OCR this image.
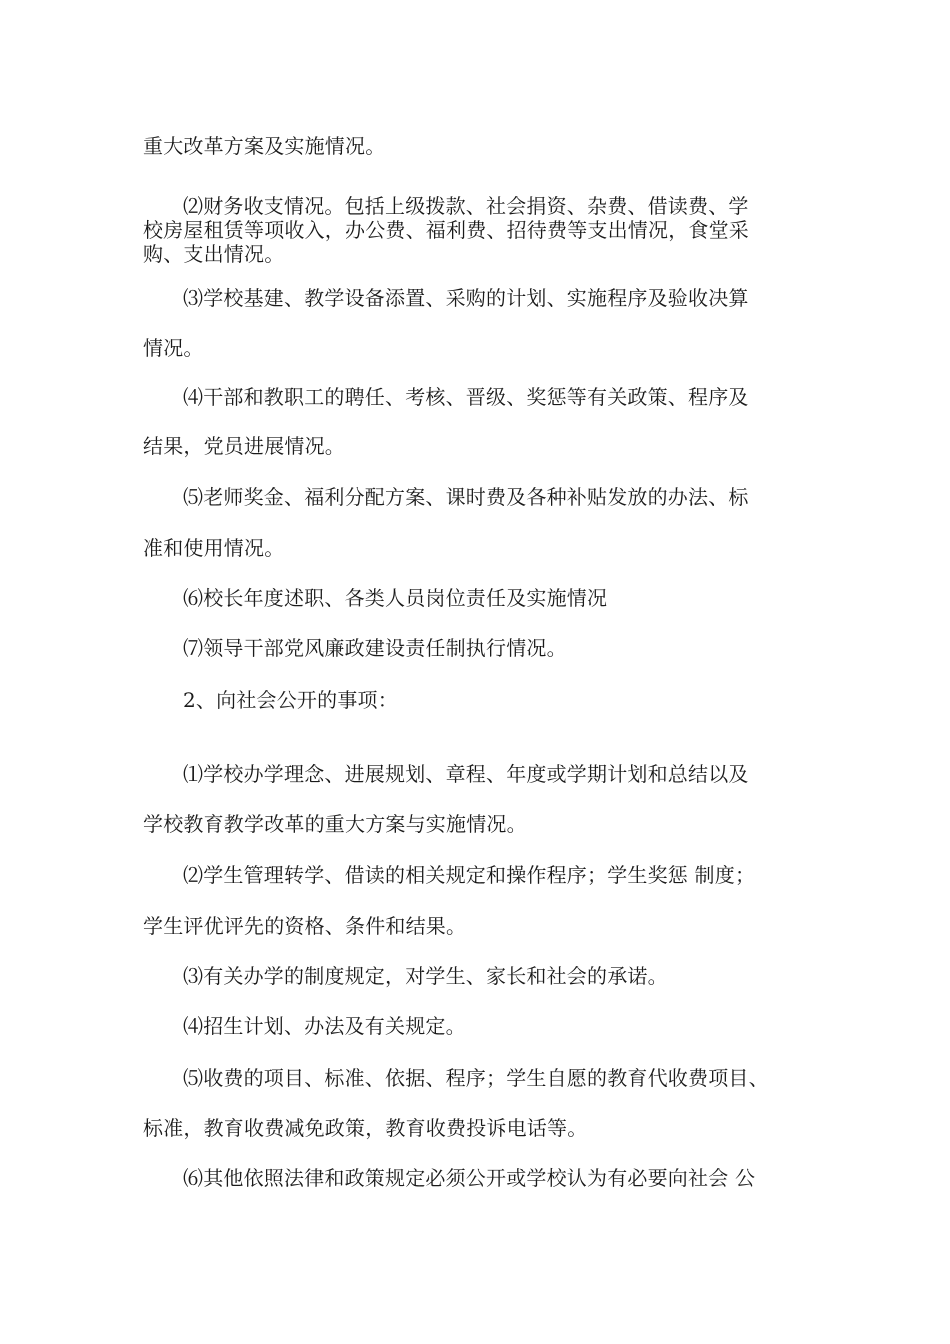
重大改革方案及实施情况。
⑵财务收支情况。包括上级拨款、社会捐资、杂费、借读费、学
校房屋租赁等项收入，办公费、福利费、招待费等支出情况，食堂采
购、支出情况。
⑶学校基建、教学设备添置、采购的计划、实施程序及验收决算
情况。
⑷干部和教职工的聘任、考核、晋级、奖惩等有关政策、程序及
结果，党员进展情况。
⑸老师奖金、福利分配方案、课时费及各种补贴发放的办法、标
准和使用情况。
⑹校长年度述职、各类人员岗位责任及实施情况
⑺领导干部党风廉政建设责任制执行情况。
2、向社会公开的事项：
⑴学校办学理念、进展规划、章程、年度或学期计划和总结以及
学校教育教学改革的重大方案与实施情况。
⑵学生管理转学、借读的相关规定和操作程序；学生奖惩 制度；
学生评优评先的资格、条件和结果。
⑶有关办学的制度规定，对学生、家长和社会的承诺。
⑷招生计划、办法及有关规定。
⑸收费的项目、标准、依据、程序；学生自愿的教育代收费项目、
标准，教育收费减免政策，教育收费投诉电话等。
⑹其他依照法律和政策规定必须公开或学校认为有必要向社会 公
